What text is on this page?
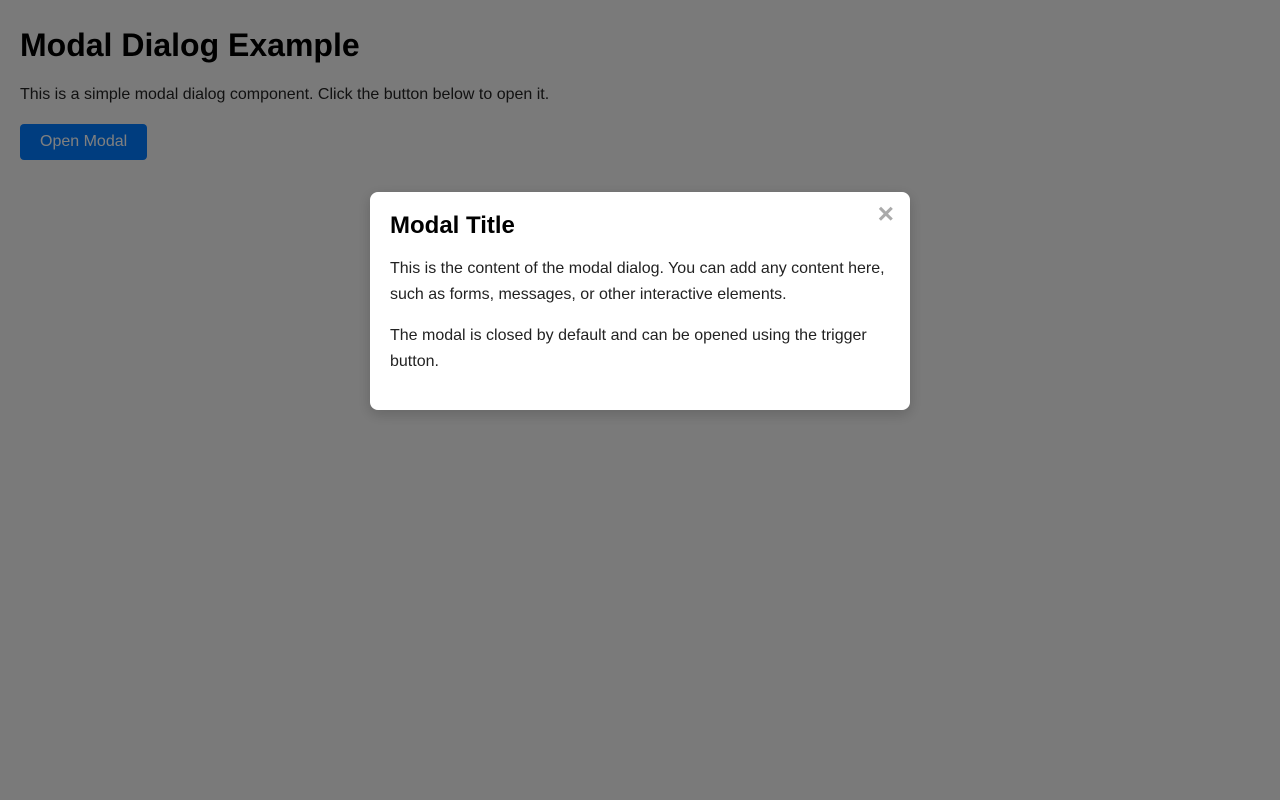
×
Modal Title

This is the content of the modal dialog. You can add any content here, such as forms, messages, or other interactive elements.

The modal is closed by default and can be opened using the trigger button.
